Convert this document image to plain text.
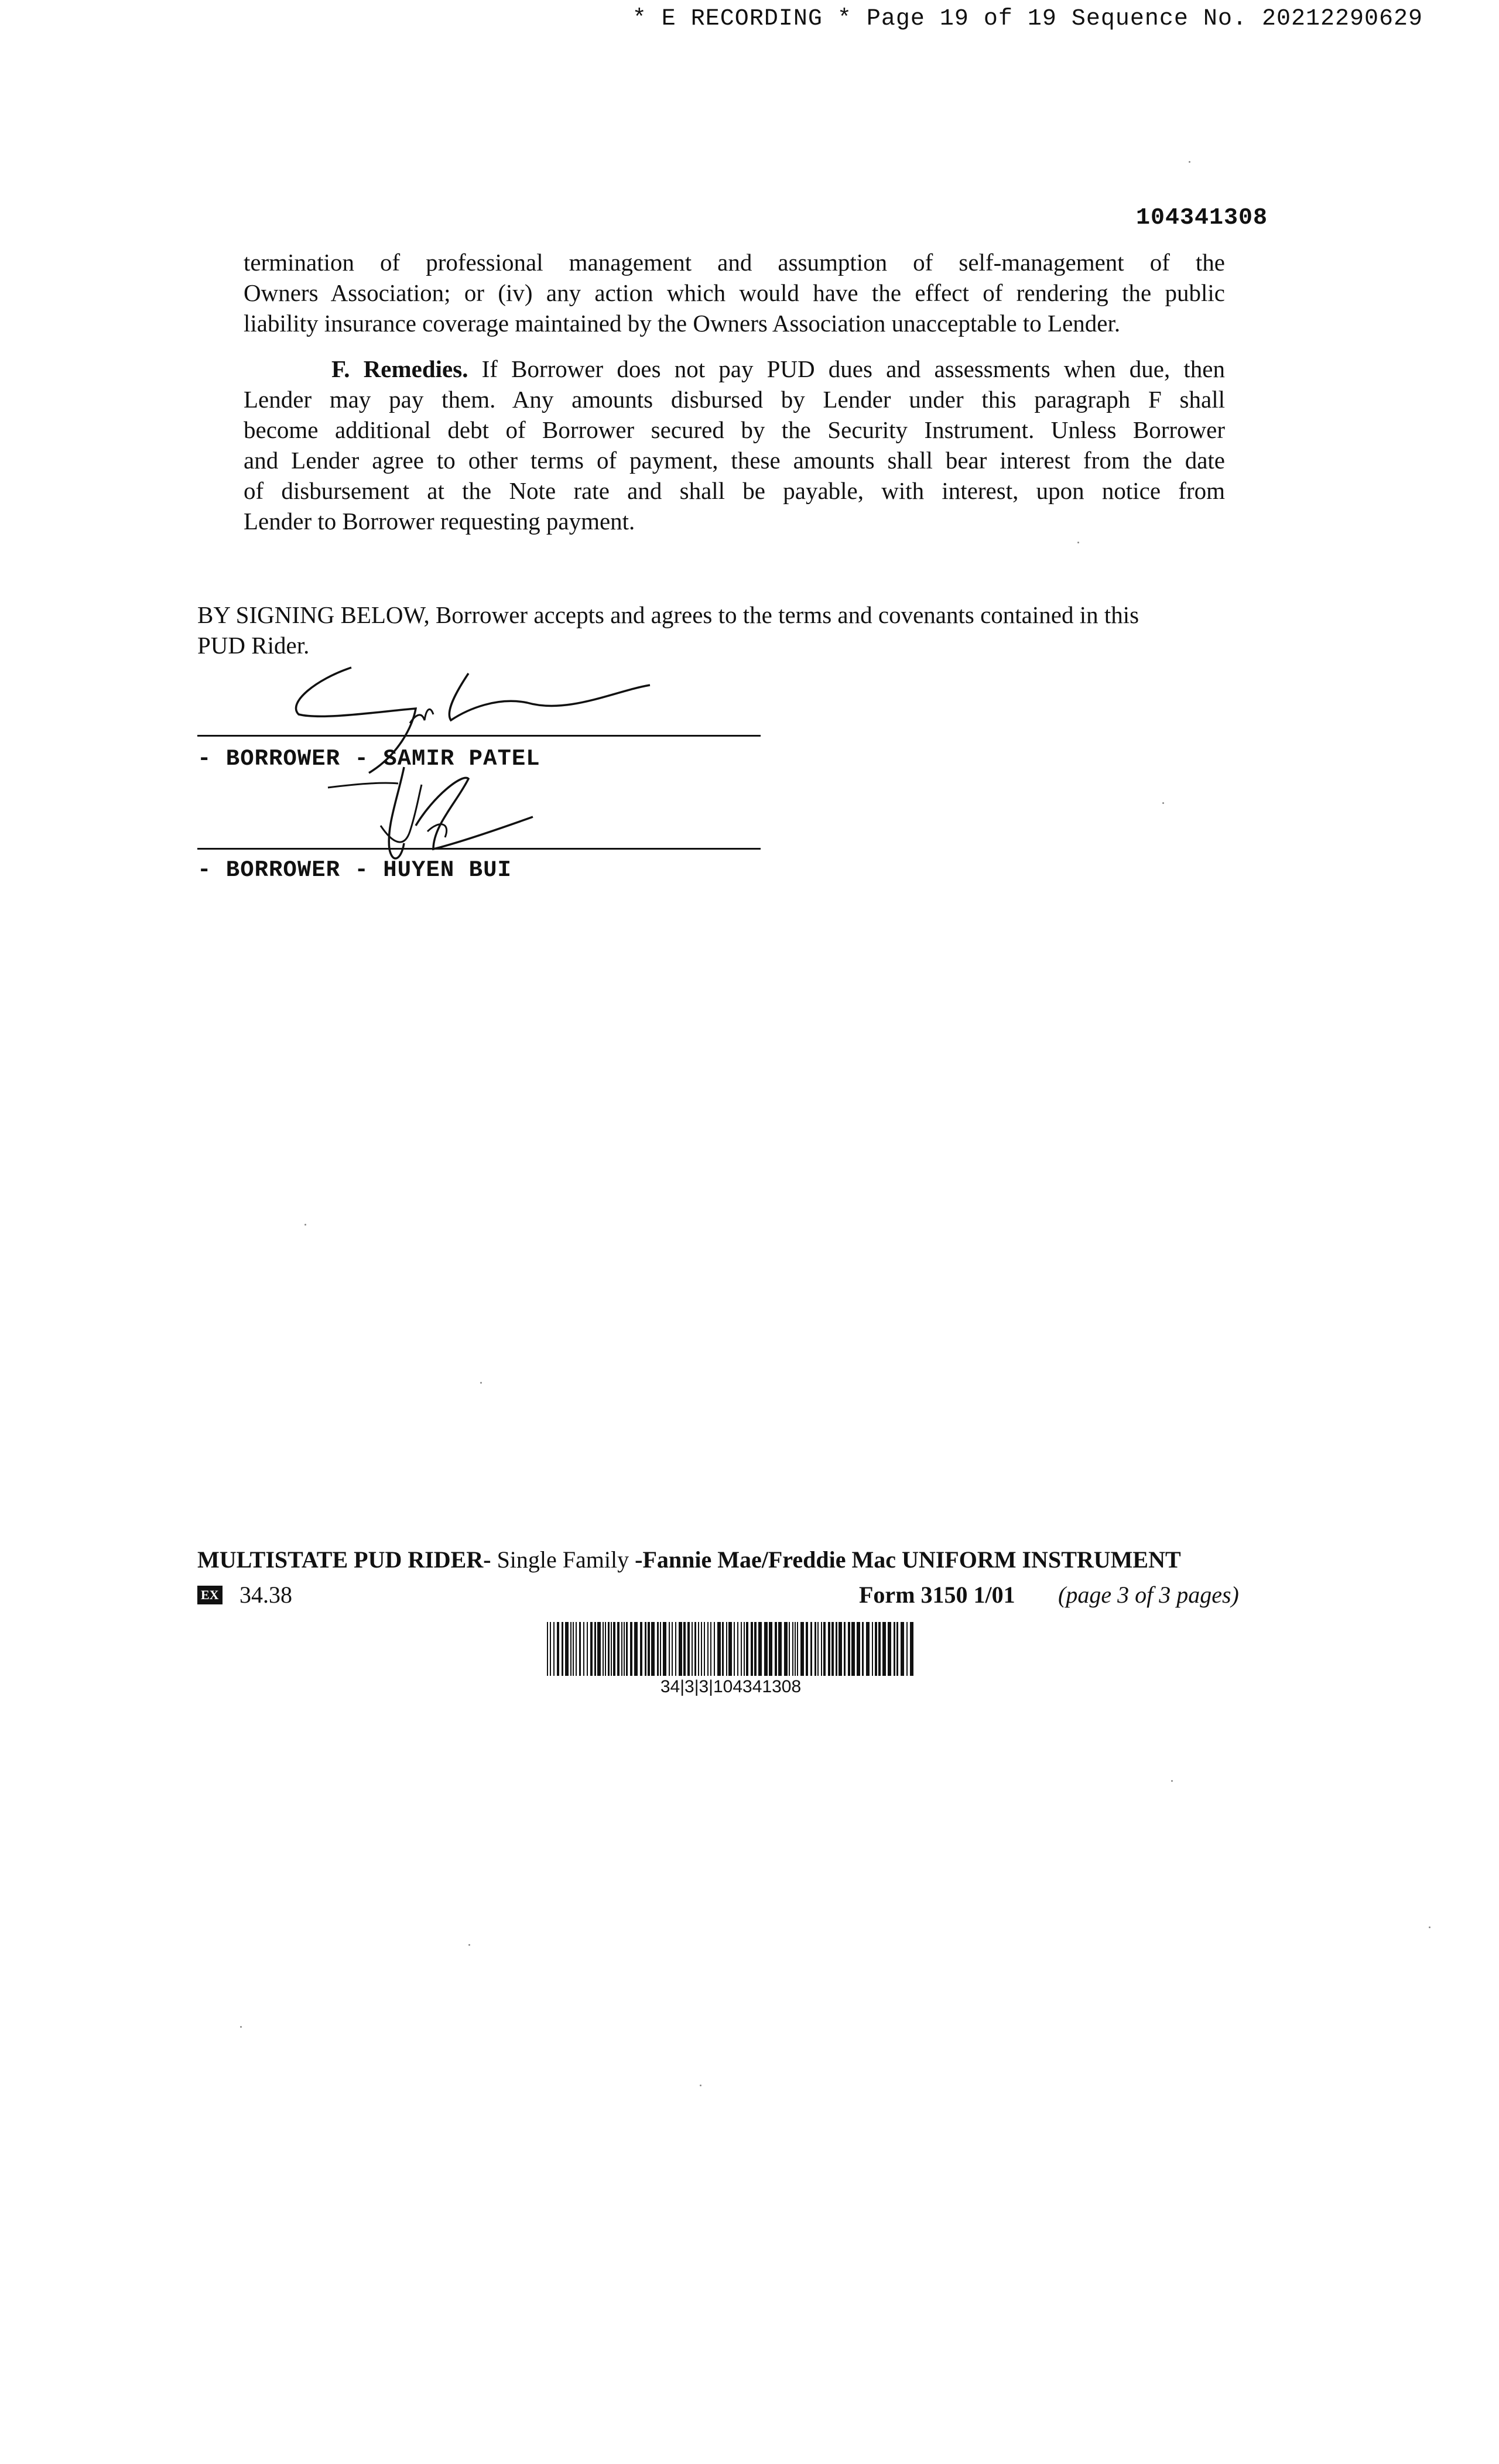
* E RECORDING * Page 19 of 19 Sequence No. 20212290629
104341308
termination of professional management and assumption of self-management of the
Owners Association; or (iv) any action which would have the effect of rendering the public
liability insurance coverage maintained by the Owners Association unacceptable to Lender.
F. Remedies. If Borrower does not pay PUD dues and assessments when due, then
Lender may pay them. Any amounts disbursed by Lender under this paragraph F shall
become additional debt of Borrower secured by the Security Instrument. Unless Borrower
and Lender agree to other terms of payment, these amounts shall bear interest from the date
of disbursement at the Note rate and shall be payable, with interest, upon notice from
Lender to Borrower requesting payment.
BY SIGNING BELOW, Borrower accepts and agrees to the terms and covenants contained in this
PUD Rider.
- BORROWER - SAMIR PATEL
- BORROWER - HUYEN BUI
MULTISTATE PUD RIDER- Single Family -Fannie Mae/Freddie Mac UNIFORM INSTRUMENT
EX 34.38	Form 3150 1/01 (page 3 of 3 pages)
34|3|3|104341308
